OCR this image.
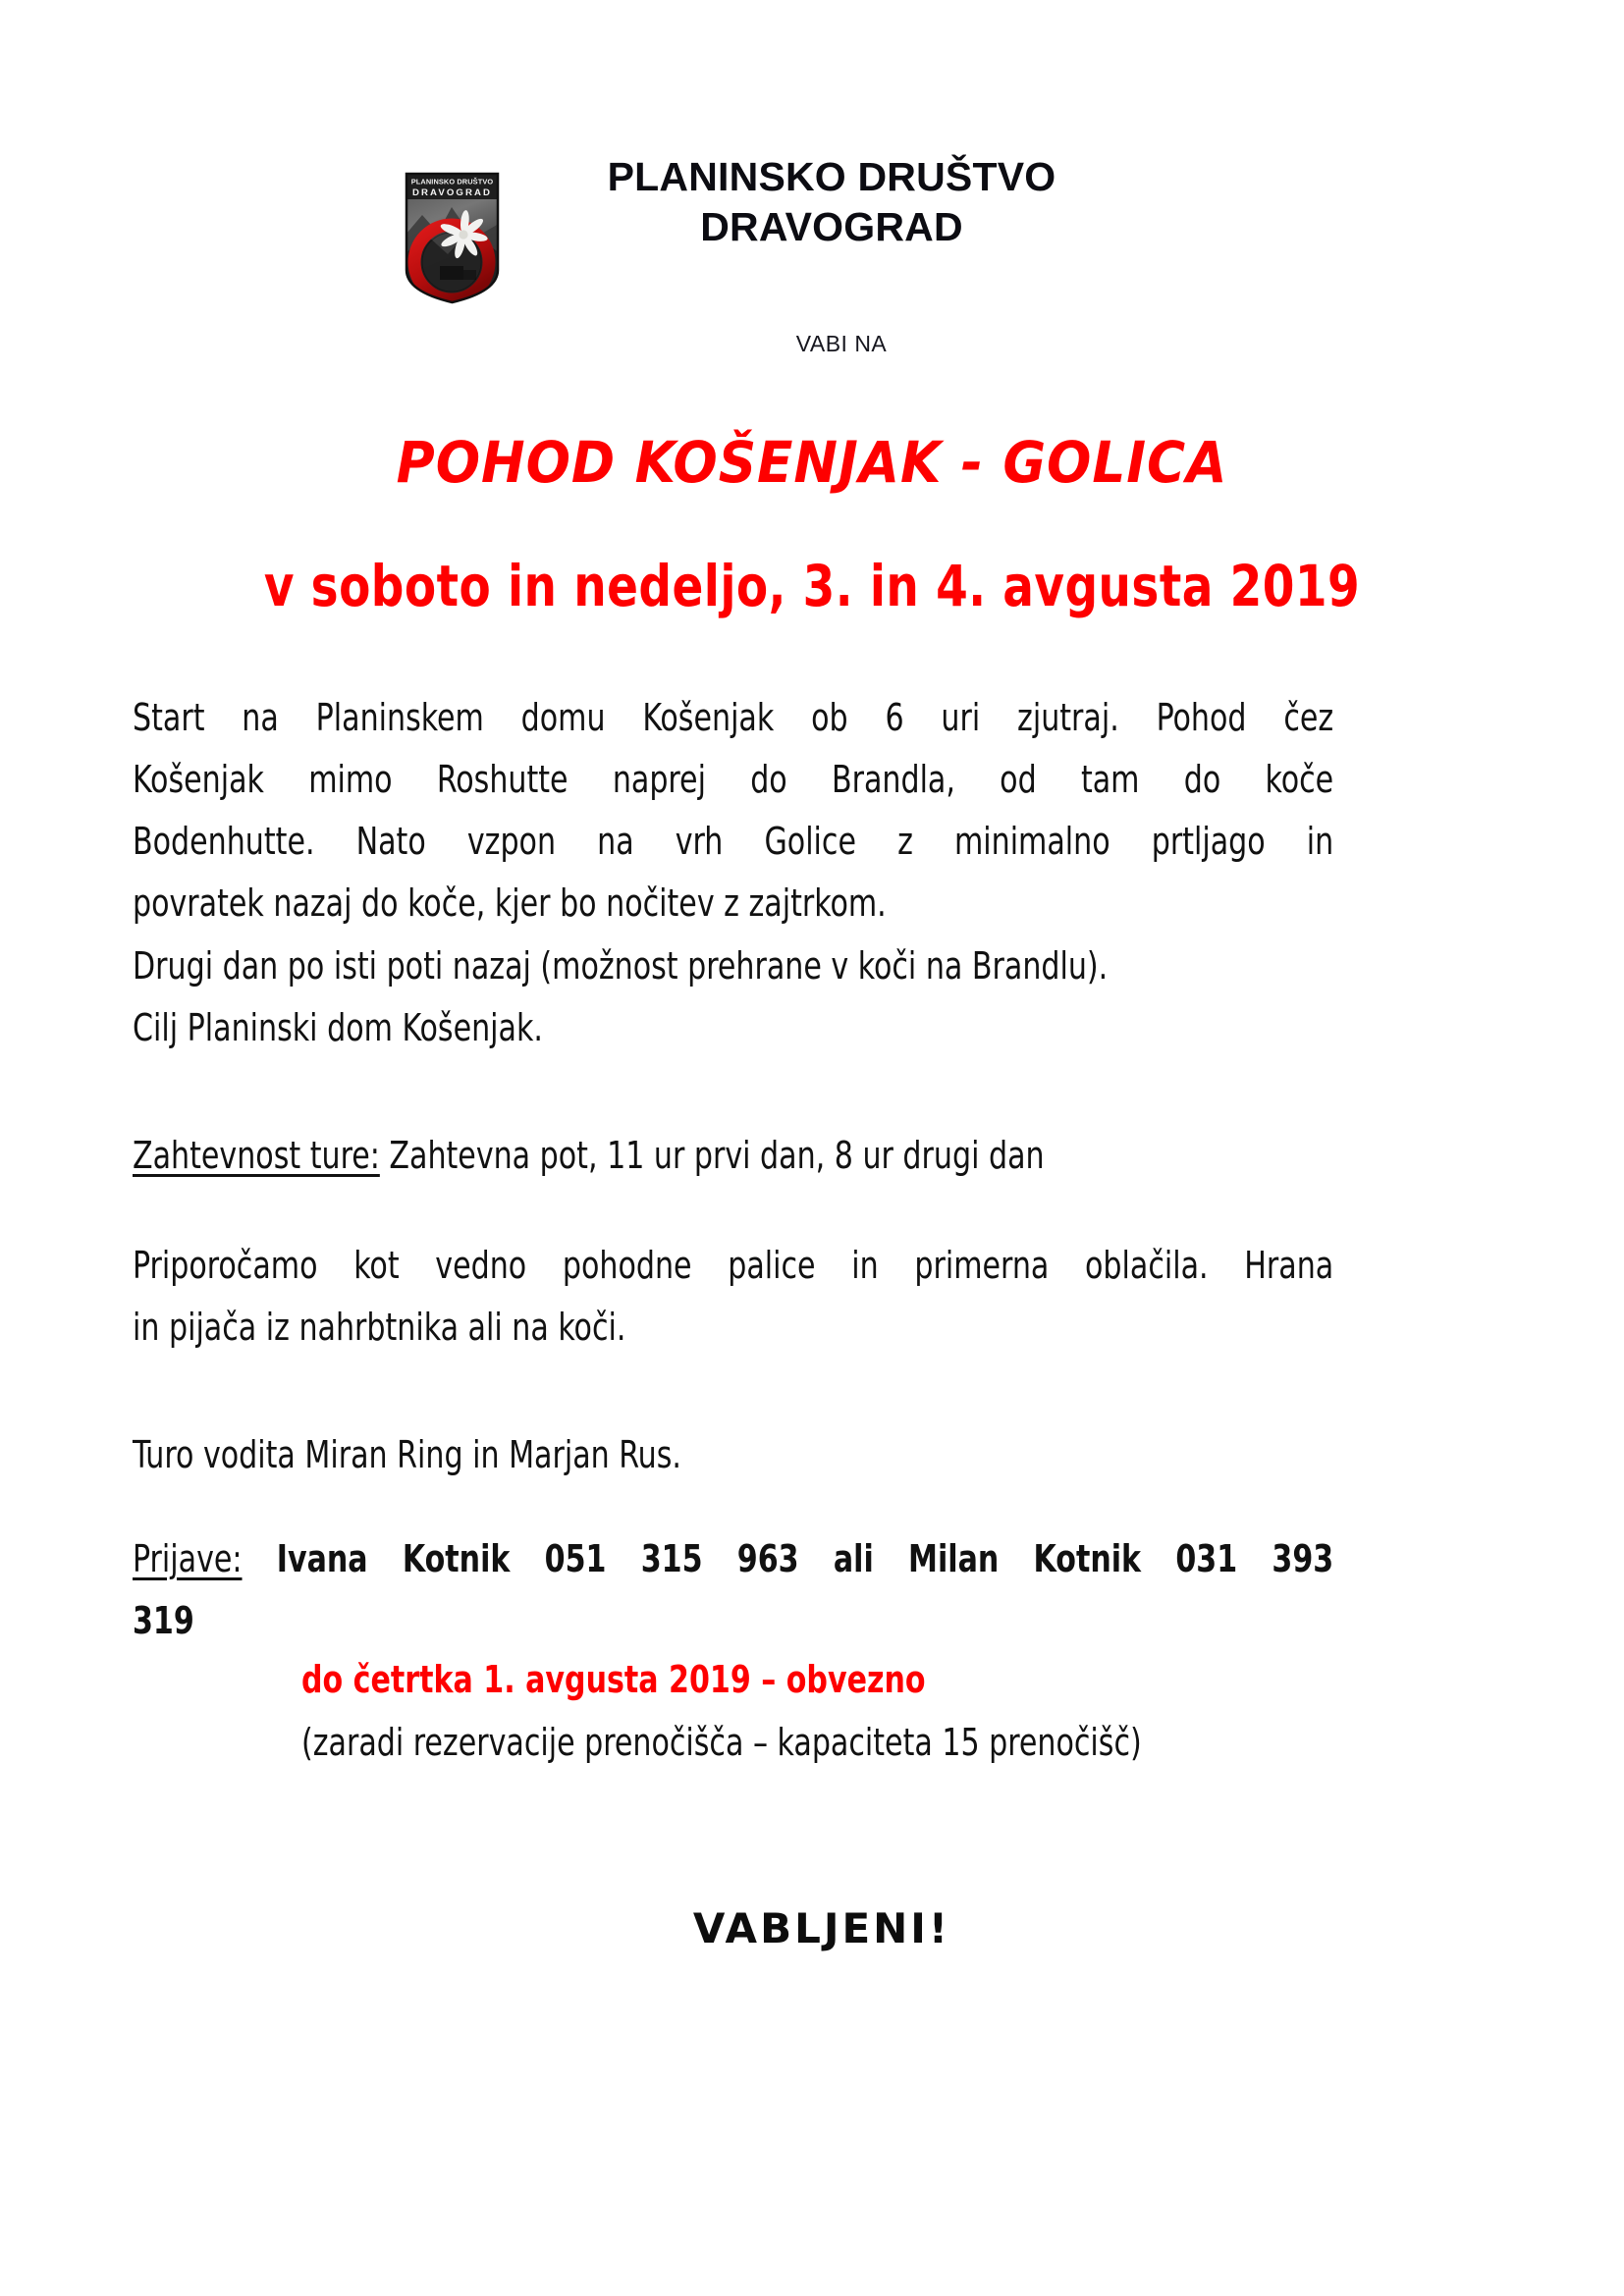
PLANINSKO DRUŠTVO
DRAVOGRAD	PLANINSKO DRUŠTVO
DRAVOGRAD
VABI NA
POHOD KOŠENJAK - GOLICA
v soboto in nedeljo, 3. in 4. avgusta 2019
Start na Planinskem domu Košenjak ob 6 uri zjutraj. Pohod čez
Košenjak mimo Roshutte naprej do Brandla, od tam do koče
Bodenhutte. Nato vzpon na vrh Golice z minimalno prtljago in
povratek nazaj do koče, kjer bo nočitev z zajtrkom.
Drugi dan po isti poti nazaj (možnost prehrane v koči na Brandlu).
Cilj Planinski dom Košenjak.
Zahtevnost ture: Zahtevna pot, 11 ur prvi dan, 8 ur drugi dan
Priporočamo kot vedno pohodne palice in primerna oblačila. Hrana
in pijača iz nahrbtnika ali na koči.
Turo vodita Miran Ring in Marjan Rus.
Prijave: Ivana Kotnik 051 315 963 ali Milan Kotnik 031 393
319
do četrtka 1. avgusta 2019 – obvezno
(zaradi rezervacije prenočišča – kapaciteta 15 prenočišč)
VABLJENI!
